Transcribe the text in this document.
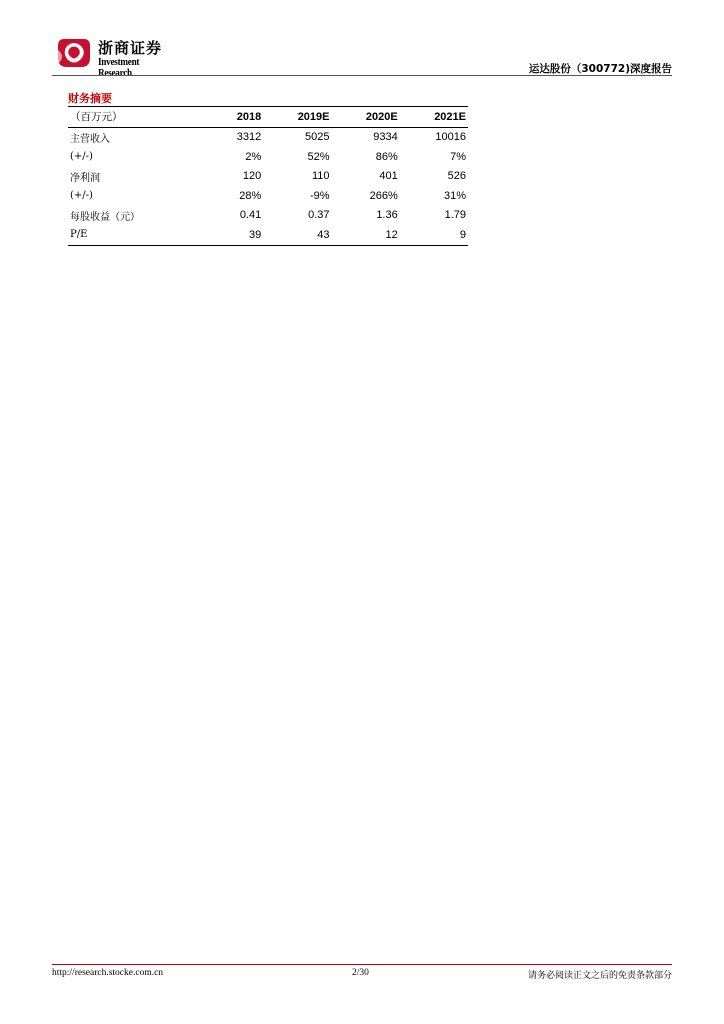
浙商证券
Investment Research	运达股份（300772)深度报告
财务摘要
（百万元）	2018	2019E	2020E	2021E
主营收入	3312	5025	9334	10016
(+/-)	2%	52%	86%	7%
净利润	120	110	401	526
(+/-)	28%	-9%	266%	31%
每股收益（元）	0.41	0.37	1.36	1.79
P/E	39	43	12	9
http://research.stocke.com.cn	2/30	请务必阅读正文之后的免责条款部分
